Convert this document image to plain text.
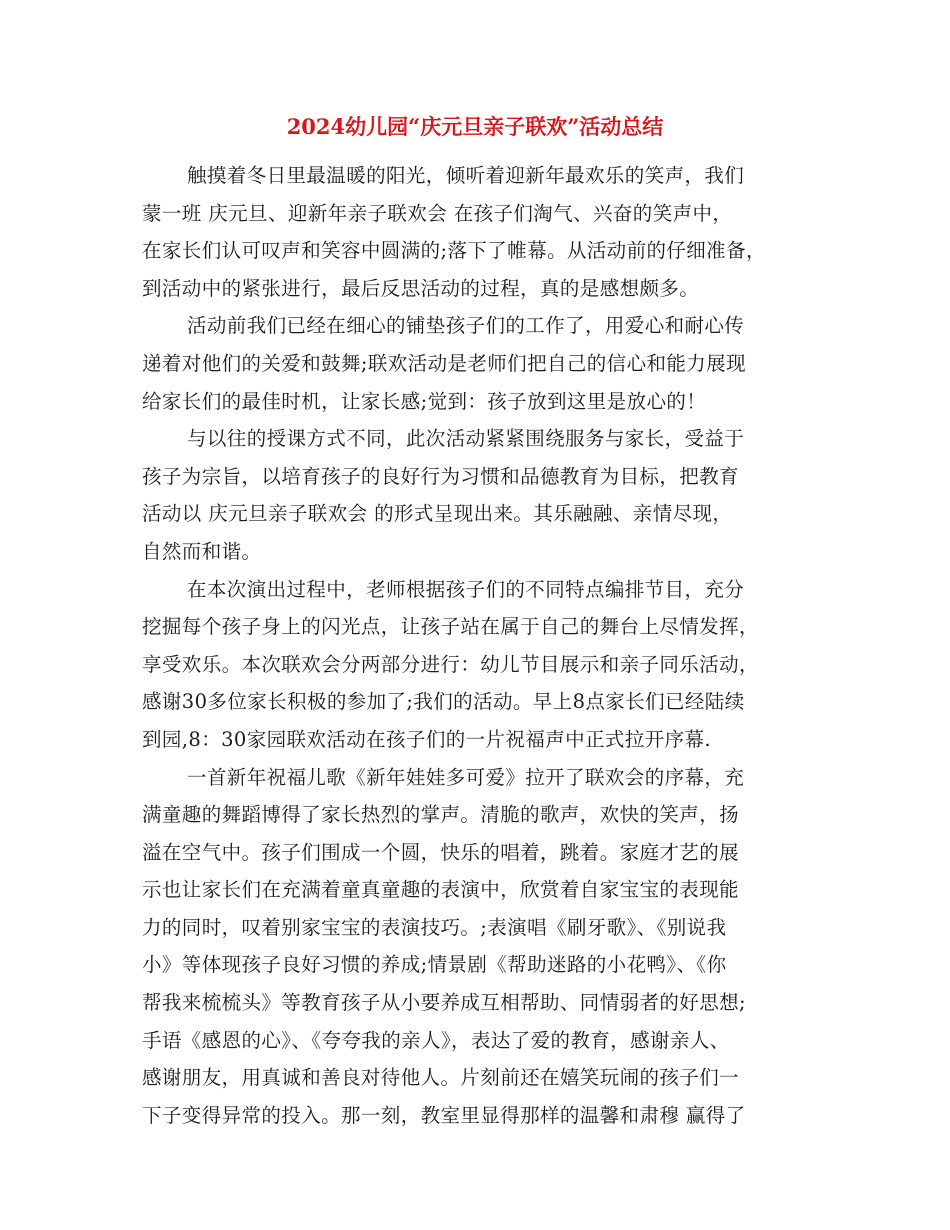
2024幼儿园“庆元旦亲子联欢”活动总结
触摸着冬日里最温暖的阳光，倾听着迎新年最欢乐的笑声，我们
蒙一班 庆元旦、迎新年亲子联欢会 在孩子们淘气、兴奋的笑声中，
在家长们认可叹声和笑容中圆满的;落下了帷幕。从活动前的仔细准备，
到活动中的紧张进行，最后反思活动的过程，真的是感想颇多。
活动前我们已经在细心的铺垫孩子们的工作了，用爱心和耐心传
递着对他们的关爱和鼓舞;联欢活动是老师们把自己的信心和能力展现
给家长们的最佳时机，让家长感;觉到：孩子放到这里是放心的！
与以往的授课方式不同，此次活动紧紧围绕服务与家长，受益于
孩子为宗旨，以培育孩子的良好行为习惯和品德教育为目标，把教育
活动以 庆元旦亲子联欢会 的形式呈现出来。其乐融融、亲情尽现，
自然而和谐。
在本次演出过程中，老师根据孩子们的不同特点编排节目，充分
挖掘每个孩子身上的闪光点，让孩子站在属于自己的舞台上尽情发挥，
享受欢乐。本次联欢会分两部分进行：幼儿节目展示和亲子同乐活动，
感谢30多位家长积极的参加了;我们的活动。早上8点家长们已经陆续
到园,8：30家园联欢活动在孩子们的一片祝福声中正式拉开序幕.
一首新年祝福儿歌《新年娃娃多可爱》拉开了联欢会的序幕，充
满童趣的舞蹈博得了家长热烈的掌声。清脆的歌声，欢快的笑声，扬
溢在空气中。孩子们围成一个圆，快乐的唱着，跳着。家庭才艺的展
示也让家长们在充满着童真童趣的表演中，欣赏着自家宝宝的表现能
力的同时，叹着别家宝宝的表演技巧。;表演唱《刷牙歌》、《别说我
小》等体现孩子良好习惯的养成;情景剧《帮助迷路的小花鸭》、《你
帮我来梳梳头》等教育孩子从小要养成互相帮助、同情弱者的好思想;
手语《感恩的心》、《夸夸我的亲人》，表达了爱的教育，感谢亲人、
感谢朋友，用真诚和善良对待他人。片刻前还在嬉笑玩闹的孩子们一
下子变得异常的投入。那一刻，教室里显得那样的温馨和肃穆 赢得了
